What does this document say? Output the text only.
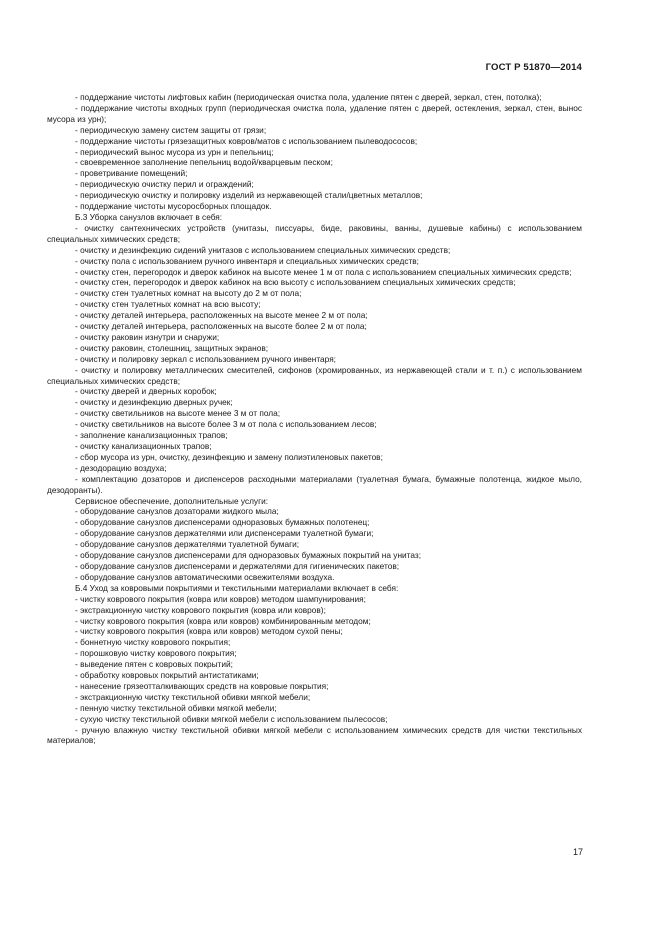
ГОСТ Р 51870—2014

- поддержание чистоты лифтовых кабин (периодическая очистка пола, удаление пятен с дверей, зеркал, стен, потолка);

- поддержание чистоты входных групп (периодическая очистка пола, удаление пятен с дверей, остекления, зеркал, стен, вынос мусора из урн);

- периодическую замену систем защиты от грязи;

- поддержание чистоты грязезащитных ковров/матов с использованием пылеводососов;

- периодический вынос мусора из урн и пепельниц;

- своевременное заполнение пепельниц водой/кварцевым песком;

- проветривание помещений;

- периодическую очистку перил и ограждений;

- периодическую очистку и полировку изделий из нержавеющей стали/цветных металлов;

- поддержание чистоты мусоросборных площадок.

Б.3 Уборка санузлов включает в себя:

- очистку сантехнических устройств (унитазы, писсуары, биде, раковины, ванны, душевые кабины) с использованием специальных химических средств;

- очистку и дезинфекцию сидений унитазов с использованием специальных химических средств;

- очистку пола с использованием ручного инвентаря и специальных химических средств;

- очистку стен, перегородок и дверок кабинок на высоте менее 1 м от пола с использованием специальных химических средств;

- очистку стен, перегородок и дверок кабинок на всю высоту с использованием специальных химических средств;

- очистку стен туалетных комнат на высоту до 2 м от пола;

- очистку стен туалетных комнат на всю высоту;

- очистку деталей интерьера, расположенных на высоте менее 2 м от пола;

- очистку деталей интерьера, расположенных на высоте более 2 м от пола;

- очистку раковин изнутри и снаружи;

- очистку раковин, столешниц, защитных экранов;

- очистку и полировку зеркал с использованием ручного инвентаря;

- очистку и полировку металлических смесителей, сифонов (хромированных, из нержавеющей стали и т. п.) с использованием специальных химических средств;

- очистку дверей и дверных коробок;

- очистку и дезинфекцию дверных ручек;

- очистку светильников на высоте менее 3 м от пола;

- очистку светильников на высоте более 3 м от пола с использованием лесов;

- заполнение канализационных трапов;

- очистку канализационных трапов;

- сбор мусора из урн, очистку, дезинфекцию и замену полиэтиленовых пакетов;

- дезодорацию воздуха;

- комплектацию дозаторов и диспенсеров расходными материалами (туалетная бумага, бумажные полотенца, жидкое мыло, дезодоранты).

Сервисное обеспечение, дополнительные услуги:

- оборудование санузлов дозаторами жидкого мыла;

- оборудование санузлов диспенсерами одноразовых бумажных полотенец;

- оборудование санузлов держателями или диспенсерами туалетной бумаги;

- оборудование санузлов держателями туалетной бумаги;

- оборудование санузлов диспенсерами для одноразовых бумажных покрытий на унитаз;

- оборудование санузлов диспенсерами и держателями для гигиенических пакетов;

- оборудование санузлов автоматическими освежителями воздуха.

Б.4 Уход за ковровыми покрытиями и текстильными материалами включает в себя:

- чистку коврового покрытия (ковра или ковров) методом шампунирования;

- экстракционную чистку коврового покрытия (ковра или ковров);

- чистку коврового покрытия (ковра или ковров) комбинированным методом;

- чистку коврового покрытия (ковра или ковров) методом сухой пены;

- боннетную чистку коврового покрытия;

- порошковую чистку коврового покрытия;

- выведение пятен с ковровых покрытий;

- обработку ковровых покрытий антистатиками;

- нанесение грязеотталкивающих средств на ковровые покрытия;

- экстракционную чистку текстильной обивки мягкой мебели;

- пенную чистку текстильной обивки мягкой мебели;

- сухую чистку текстильной обивки мягкой мебели с использованием пылесосов;

- ручную влажную чистку текстильной обивки мягкой мебели с использованием химических средств для чистки текстильных материалов;

17
